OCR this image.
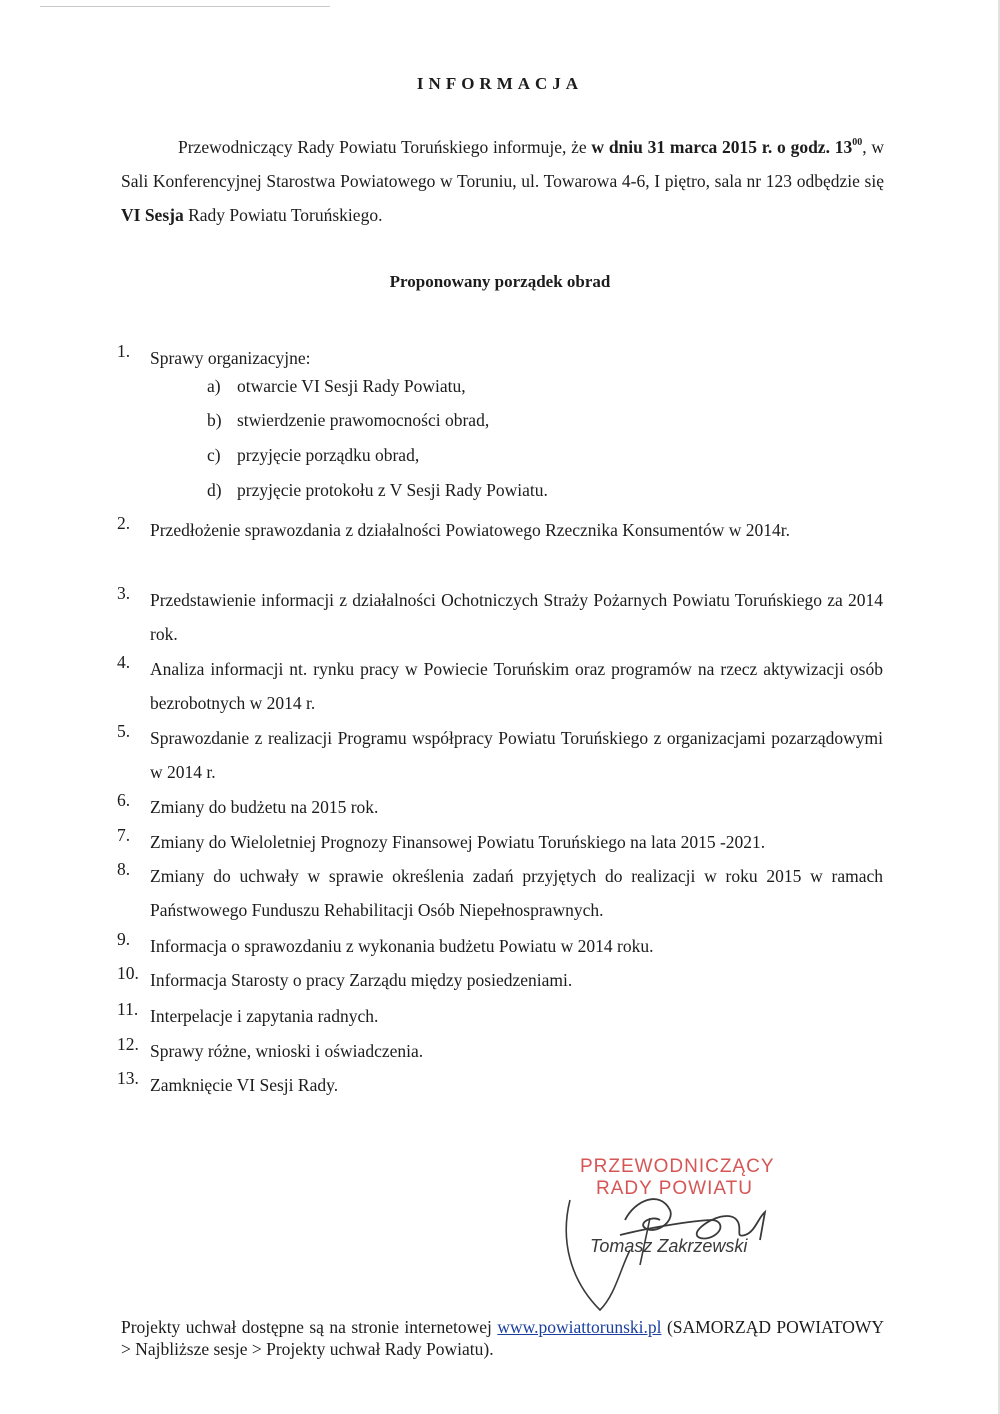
INFORMACJA

Przewodniczący Rady Powiatu Toruńskiego informuje, że w dniu 31 marca 2015 r. o godz. $13^{00}$, w Sali Konferencyjnej Starostwa Powiatowego w Toruniu, ul. Towarowa 4-6, I piętro, sala nr 123 odbędzie się VI Sesja Rady Powiatu Toruńskiego.

Proponowany porządek obrad
1.	Sprawy organizacyjne:
a) otwarcie VI Sesji Rady Powiatu,
b) stwierdzenie prawomocności obrad,
c) przyjęcie porządku obrad,
d) przyjęcie protokołu z V Sesji Rady Powiatu.
2.	Przedłożenie sprawozdania z działalności Powiatowego Rzecznika Konsumentów w 2014r.
3.	Przedstawienie informacji z działalności Ochotniczych Straży Pożarnych Powiatu Toruńskiego za 2014 rok.
4.	Analiza informacji nt. rynku pracy w Powiecie Toruńskim oraz programów na rzecz aktywizacji osób bezrobotnych w 2014 r.
5.	Sprawozdanie z realizacji Programu współpracy Powiatu Toruńskiego z organizacjami pozarządowymi w 2014 r.
6.	Zmiany do budżetu na 2015 rok.
7.	Zmiany do Wieloletniej Prognozy Finansowej Powiatu Toruńskiego na lata 2015 -2021.
8.	Zmiany do uchwały w sprawie określenia zadań przyjętych do realizacji w roku 2015 w ramach Państwowego Funduszu Rehabilitacji Osób Niepełnosprawnych.
9.	Informacja o sprawozdaniu z wykonania budżetu Powiatu w 2014 roku.
10. Informacja Starosty o pracy Zarządu między posiedzeniami.
11. Interpelacje i zapytania radnych.
12. Sprawy różne, wnioski i oświadczenia.
13. Zamknięcie VI Sesji Rady.
PRZEWODNICZĄCY
RADY POWIATU
Tomasz Zakrzewski

Projekty uchwał dostępne są na stronie internetowej www.powiattorunski.pl (SAMORZĄD POWIATOWY > Najbliższe sesje > Projekty uchwał Rady Powiatu).
